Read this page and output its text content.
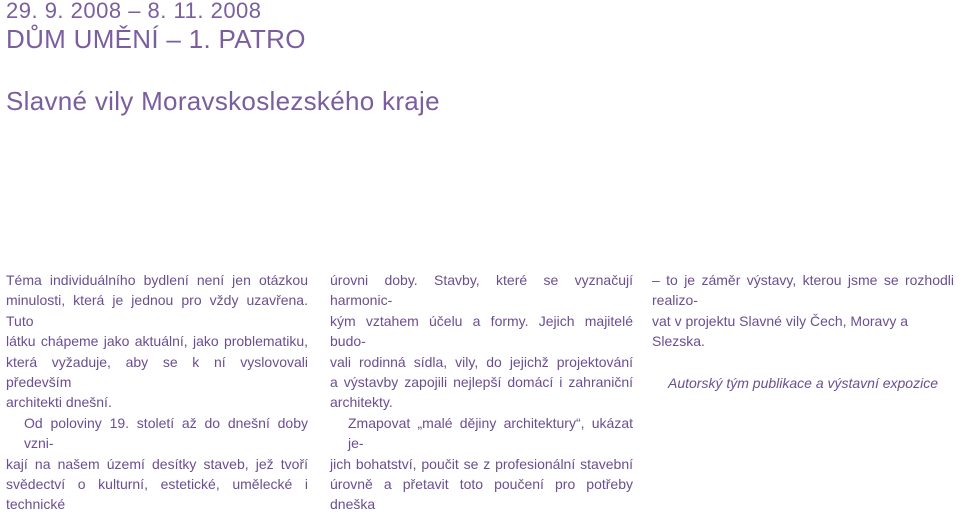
29. 9. 2008 – 8. 11. 2008
DŮM UMĚNÍ – 1. PATRO
Slavné vily Moravskoslezského kraje

Téma individuálního bydlení není jen otázkou

minulosti, která je jednou pro vždy uzavřena. Tuto

látku chápeme jako aktuální, jako problematiku,

která vyžaduje, aby se k ní vyslovovali především

architekti dnešní.

Od poloviny 19. století až do dnešní doby vzni-

kají na našem území desítky staveb, jež tvoří

svědectví o kulturní, estetické, umělecké i technické

úrovni doby. Stavby, které se vyznačují harmonic-

kým vztahem účelu a formy. Jejich majitelé budo-

vali rodinná sídla, vily, do jejichž projektování

a výstavby zapojili nejlepší domácí i zahraniční

architekty.

Zmapovat „malé dějiny architektury“, ukázat je-

jich bohatství, poučit se z profesionální stavební

úrovně a přetavit toto poučení pro potřeby dneška

– to je záměr výstavy, kterou jsme se rozhodli realizo-

vat v projektu Slavné vily Čech, Moravy a Slezska.

Autorský tým publikace a výstavní expozice
